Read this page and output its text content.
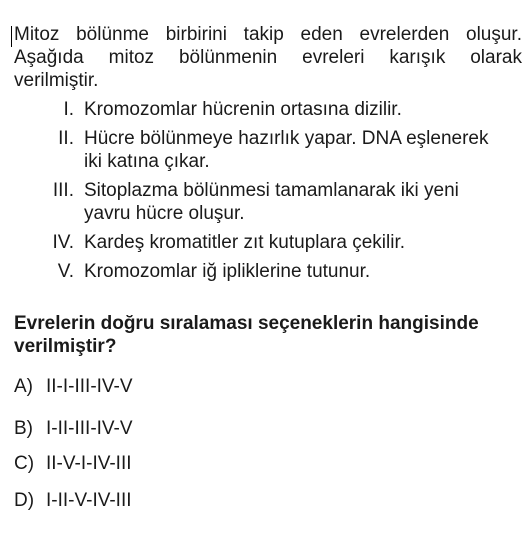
Mitoz bölünme birbirini takip eden evrelerden oluşur.
Aşağıda mitoz bölünmenin evreleri karışık olarak
verilmiştir.
I. Kromozomlar hücrenin ortasına dizilir.
II. Hücre bölünmeye hazırlık yapar. DNA eşlenerek
iki katına çıkar.
III. Sitoplazma bölünmesi tamamlanarak iki yeni
yavru hücre oluşur.
IV. Kardeş kromatitler zıt kutuplara çekilir.
V. Kromozomlar iğ ipliklerine tutunur.
Evrelerin doğru sıralaması seçeneklerin hangisinde
verilmiştir?
A) II-I-III-IV-V
B) I-II-III-IV-V
C) II-V-I-IV-III
D) I-II-V-IV-III
